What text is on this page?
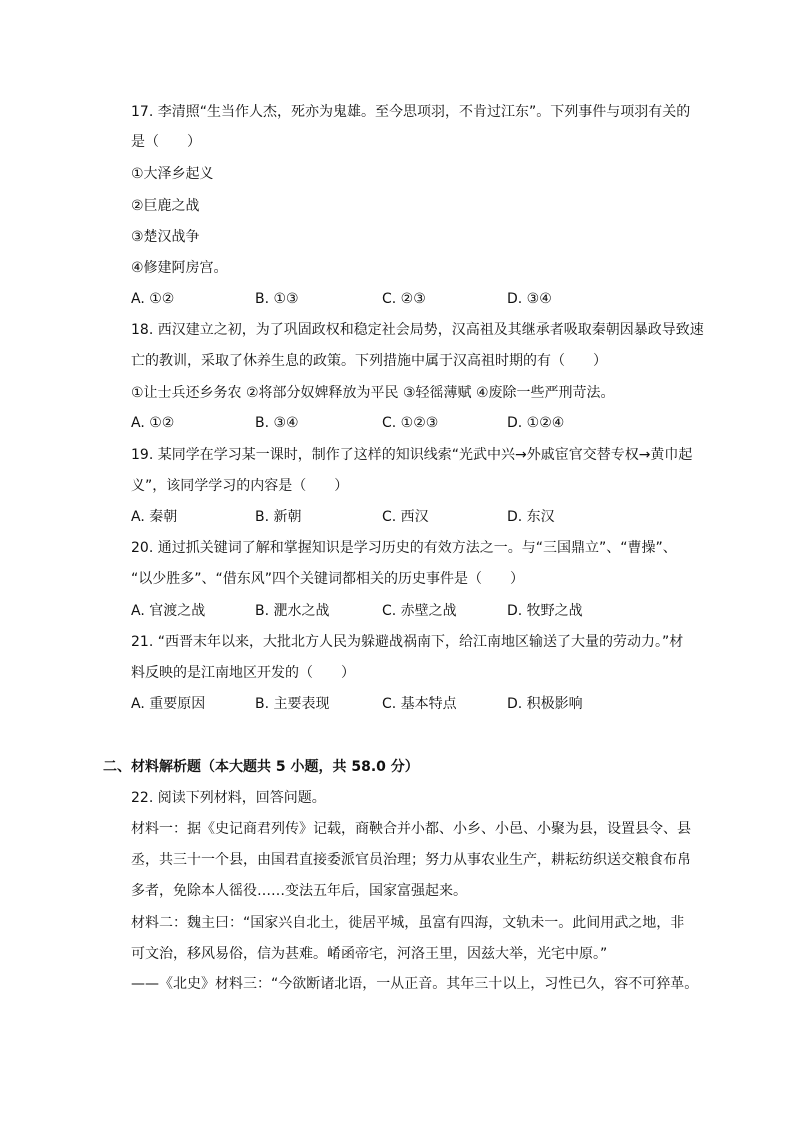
17. 李清照“生当作人杰，死亦为鬼雄。至今思项羽，不肯过江东”。下列事件与项羽有关的
是（　　）
①大泽乡起义
②巨鹿之战
③楚汉战争
④修建阿房宫。
A. ①②	B. ①③	C. ②③	D. ③④
18. 西汉建立之初，为了巩固政权和稳定社会局势，汉高祖及其继承者吸取秦朝因暴政导致速
亡的教训，采取了休养生息的政策。下列措施中属于汉高祖时期的有（　　）
①让士兵还乡务农 ②将部分奴婢释放为平民 ③轻徭薄赋 ④废除一些严刑苛法。
A. ①②	B. ③④	C. ①②③	D. ①②④
19. 某同学在学习某一课时，制作了这样的知识线索“光武中兴→外戚宦官交替专权→黄巾起
义”，该同学学习的内容是（　　）
A. 秦朝	B. 新朝	C. 西汉	D. 东汉
20. 通过抓关键词了解和掌握知识是学习历史的有效方法之一。与“三国鼎立”、“曹操”、
“以少胜多”、“借东风”四个关键词都相关的历史事件是（　　）
A. 官渡之战	B. 淝水之战	C. 赤壁之战	D. 牧野之战
21. “西晋末年以来，大批北方人民为躲避战祸南下，给江南地区输送了大量的劳动力。”材
料反映的是江南地区开发的（　　）
A. 重要原因	B. 主要表现	C. 基本特点	D. 积极影响
二、材料解析题（本大题共 5 小题，共 58.0 分）
22. 阅读下列材料，回答问题。
材料一：据《史记商君列传》记载，商鞅合并小都、小乡、小邑、小聚为县，设置县令、县
丞，共三十一个县，由国君直接委派官员治理；努力从事农业生产，耕耘纺织送交粮食布帛
多者，免除本人徭役……变法五年后，国家富强起来。
材料二：魏主曰：“国家兴自北土，徙居平城，虽富有四海，文轨未一。此间用武之地，非
可文治，移风易俗，信为甚难。崤函帝宅，河洛王里，因兹大举，光宅中原。”
——《北史》材料三：“今欲断诸北语，一从正音。其年三十以上，习性已久，容不可猝革。
